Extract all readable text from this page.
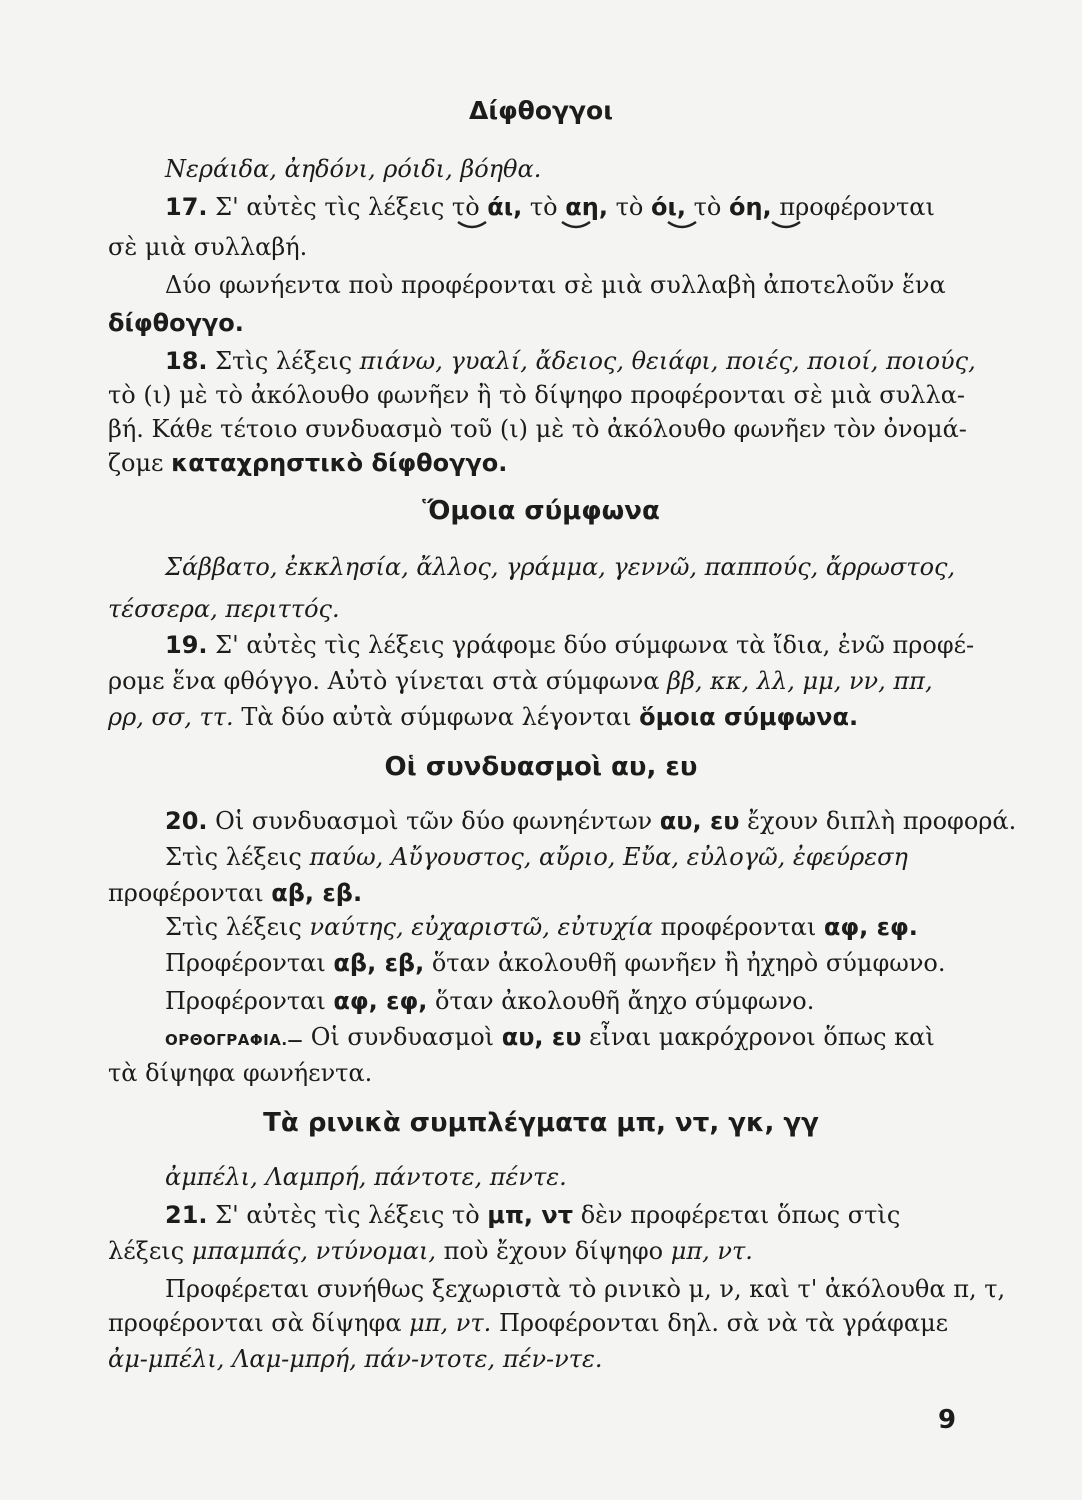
Δίφθογγοι
Νεράιδα, ἀηδόνι, ρόιδι, βόηθα.
17. Σ' αὐτὲς τὶς λέξεις τὸ άι, τὸ αη, τὸ όι, τὸ όη, προφέρονται
σὲ μιὰ συλλαβή.
Δύο φωνήεντα ποὺ προφέρονται σὲ μιὰ συλλαβὴ ἀποτελοῦν ἕνα
δίφθογγο.
18. Στὶς λέξεις πιάνω, γυαλί, ἄδειος, θειάφι, ποιές, ποιοί, ποιούς,
τὸ (ι) μὲ τὸ ἀκόλουθο φωνῆεν ἢ τὸ δίψηφο προφέρονται σὲ μιὰ συλλα-
βή. Κάθε τέτοιο συνδυασμὸ τοῦ (ι) μὲ τὸ ἀκόλουθο φωνῆεν τὸν ὀνομά-
ζομε καταχρηστικὸ δίφθογγο.
Ὅμοια σύμφωνα
Σάββατο, ἐκκλησία, ἄλλος, γράμμα, γεννῶ, παππούς, ἄρρωστος,
τέσσερα, περιττός.
19. Σ' αὐτὲς τὶς λέξεις γράφομε δύο σύμφωνα τὰ ἴδια, ἐνῶ προφέ-
ρομε ἕνα φθόγγο. Αὐτὸ γίνεται στὰ σύμφωνα ββ, κκ, λλ, μμ, νν, ππ,
ρρ, σσ, ττ. Τὰ δύο αὐτὰ σύμφωνα λέγονται ὅμοια σύμφωνα.
Οἱ συνδυασμοὶ αυ, ευ
20. Οἱ συνδυασμοὶ τῶν δύο φωνηέντων αυ, ευ ἔχουν διπλὴ προφορά.
Στὶς λέξεις παύω, Αὔγουστος, αὔριο, Εὔα, εὐλογῶ, ἐφεύρεση
προφέρονται αβ, εβ.
Στὶς λέξεις ναύτης, εὐχαριστῶ, εὐτυχία προφέρονται αφ, εφ.
Προφέρονται αβ, εβ, ὅταν ἀκολουθῆ φωνῆεν ἢ ἠχηρὸ σύμφωνο.
Προφέρονται αφ, εφ, ὅταν ἀκολουθῆ ἄηχο σύμφωνο.
ΟΡΘΟΓΡΑΦΙΑ.— Οἱ συνδυασμοὶ αυ, ευ εἶναι μακρόχρονοι ὅπως καὶ
τὰ δίψηφα φωνήεντα.
Τὰ ρινικὰ συμπλέγματα μπ, ντ, γκ, γγ
ἀμπέλι, Λαμπρή, πάντοτε, πέντε.
21. Σ' αὐτὲς τὶς λέξεις τὸ μπ, ντ δὲν προφέρεται ὅπως στὶς
λέξεις μπαμπάς, ντύνομαι, ποὺ ἔχουν δίψηφο μπ, ντ.
Προφέρεται συνήθως ξεχωριστὰ τὸ ρινικὸ μ, ν, καὶ τ' ἀκόλουθα π, τ,
προφέρονται σὰ δίψηφα μπ, ντ. Προφέρονται δηλ. σὰ νὰ τὰ γράφαμε
ἀμ-μπέλι, Λαμ-μπρή, πάν-ντοτε, πέν-ντε.
9
